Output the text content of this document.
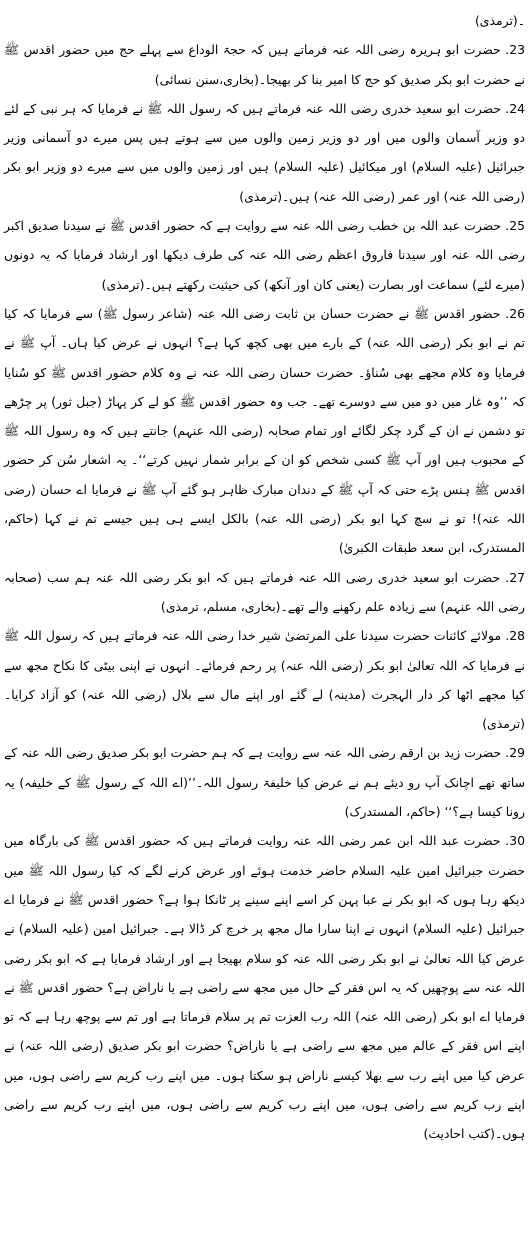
۔(ترمذی)

23. حضرت ابو ہریرہ رضی اللہ عنہ فرماتے ہیں کہ حجۃ الوداع سے پہلے حج میں حضور اقدس ﷺ نے حضرت ابو بکر صدیق کو حج کا امیر بنا کر بھیجا۔(بخاری،سنن نسائی)

24. حضرت ابو سعید خدری رضی اللہ عنہ فرماتے ہیں کہ رسول اللہ ﷺ نے فرمایا کہ ہر نبی کے لئے دو وزیر آسمان والوں میں اور دو وزیر زمین والوں میں سے ہوتے ہیں پس میرے دو آسمانی وزیر جبرائیل (علیہ السلام) اور میکائیل (علیہ السلام) ہیں اور زمین والوں میں سے میرے دو وزیر ابو بکر (رضی اللہ عنہ) اور عمر (رضی اللہ عنہ) ہیں۔(ترمذی)

25. حضرت عبد اللہ بن خطب رضی اللہ عنہ سے روایت ہے کہ حضور اقدس ﷺ نے سیدنا صدیق اکبر رضی اللہ عنہ اور سیدنا فاروق اعظم رضی اللہ عنہ کی طرف دیکھا اور ارشاد فرمایا کہ یہ دونوں (میرے لئے) سماعت اور بصارت (یعنی کان اور آنکھ) کی حیثیت رکھتے ہیں۔(ترمذی)

26. حضور اقدس ﷺ نے حضرت حسان بن ثابت رضی اللہ عنہ (شاعر رسول ﷺ) سے فرمایا کہ کیا تم نے ابو بکر (رضی اللہ عنہ) کے بارے میں بھی کچھ کہا ہے؟ انہوں نے عرض کیا ہاں۔ آپ ﷺ نے فرمایا وہ کلام مجھے بھی سُناؤ۔ حضرت حسان رضی اللہ عنہ نے وہ کلام حضور اقدس ﷺ کو سُنایا کہ ’’وہ غار میں دو میں سے دوسرے تھے۔ جب وہ حضور اقدس ﷺ کو لے کر پہاڑ (جبل ثور) پر چڑھے تو دشمن نے ان کے گرد چکر لگائے اور تمام صحابہ (رضی اللہ عنہم) جانتے ہیں کہ وہ رسول اللہ ﷺ کے محبوب ہیں اور آپ ﷺ کسی شخص کو ان کے برابر شمار نہیں کرتے‘‘۔ یہ اشعار سُن کر حضور اقدس ﷺ ہنس پڑے حتی کہ آپ ﷺ کے دندان مبارک ظاہر ہو گئے آپ ﷺ نے فرمایا اے حسان (رضی اللہ عنہ)! تو نے سچ کہا ابو بکر (رضی اللہ عنہ) بالکل ایسے ہی ہیں جیسے تم نے کہا (حاکم، المستدرک، ابن سعد طبقات الکبریٰ)

27. حضرت ابو سعید خدری رضی اللہ عنہ فرماتے ہیں کہ ابو بکر رضی اللہ عنہ ہم سب (صحابہ رضی اللہ عنہم) سے زیادہ علم رکھنے والے تھے۔(بخاری، مسلم، ترمذی)

28. مولائے کائنات حضرت سیدنا علی المرتضیٰ شیر خدا رضی اللہ عنہ فرماتے ہیں کہ رسول اللہ ﷺ نے فرمایا کہ اللہ تعالیٰ ابو بکر (رضی اللہ عنہ) پر رحم فرمائے۔ انہوں نے اپنی بیٹی کا نکاح مجھ سے کیا مجھے اٹھا کر دار الہجرت (مدینہ) لے گئے اور اپنے مال سے بلال (رضی اللہ عنہ) کو آزاد کرایا۔(ترمذی)

29. حضرت زید بن ارقم رضی اللہ عنہ سے روایت ہے کہ ہم حضرت ابو بکر صدیق رضی اللہ عنہ کے ساتھ تھے اچانک آپ رو دیئے ہم نے عرض کیا خلیفۃ رسول اللہ۔’’(اے اللہ کے رسول ﷺ کے خلیفہ) یہ رونا کیسا ہے؟‘‘ (حاکم، المستدرک)

30. حضرت عبد اللہ ابن عمر رضی اللہ عنہ روایت فرماتے ہیں کہ حضور اقدس ﷺ کی بارگاہ میں حضرت جبرائیل امین علیہ السلام حاضر خدمت ہوئے اور عرض کرنے لگے کہ کیا رسول اللہ ﷺ میں دیکھ رہا ہوں کہ ابو بکر نے عبا پہن کر اسے اپنے سینے پر ٹانکا ہوا ہے؟ حضور اقدس ﷺ نے فرمایا اے جبرائیل (علیہ السلام) انہوں نے اپنا سارا مال مجھ پر خرچ کر ڈالا ہے۔ جبرائیل امین (علیہ السلام) نے عرض کیا اللہ تعالیٰ نے ابو بکر رضی اللہ عنہ کو سلام بھیجا ہے اور ارشاد فرمایا ہے کہ ابو بکر رضی اللہ عنہ سے پوچھیں کہ یہ اس فقر کے حال میں مجھ سے راضی ہے یا ناراض ہے؟ حضور اقدس ﷺ نے فرمایا اے ابو بکر (رضی اللہ عنہ) اللہ رب العزت تم پر سلام فرماتا ہے اور تم سے پوچھ رہا ہے کہ تو اپنے اس فقر کے عالم میں مجھ سے راضی ہے یا ناراض؟ حضرت ابو بکر صدیق (رضی اللہ عنہ) نے عرض کیا میں اپنے رب سے بھلا کیسے ناراض ہو سکتا ہوں۔ میں اپنے رب کریم سے راضی ہوں، میں اپنے رب کریم سے راضی ہوں، میں اپنے رب کریم سے راضی ہوں، میں اپنے رب کریم سے راضی ہوں۔(کتب احادیث)
